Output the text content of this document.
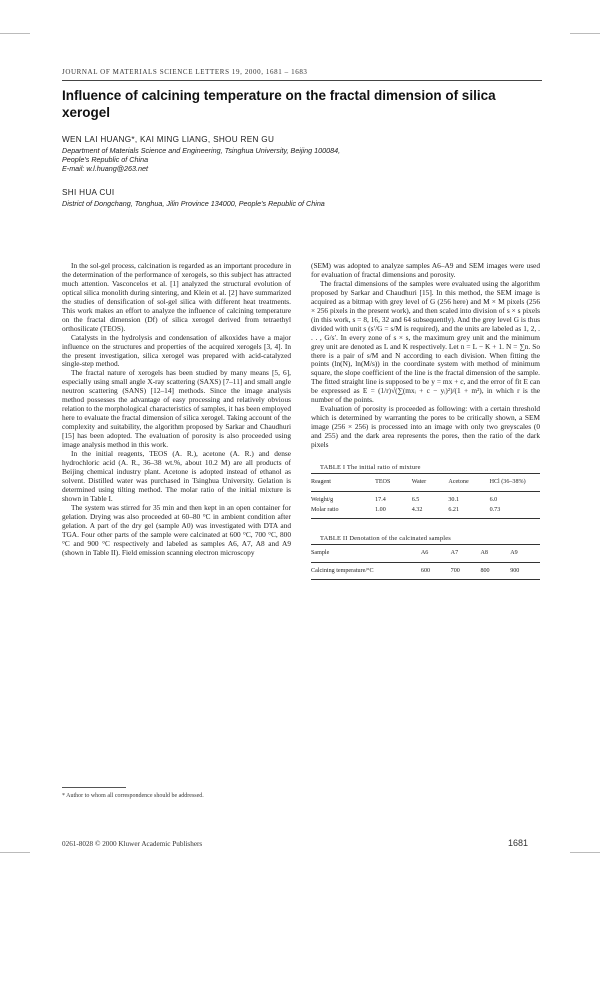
JOURNAL OF MATERIALS SCIENCE LETTERS 19, 2000, 1681 – 1683
Influence of calcining temperature on the fractal dimension of silica xerogel
WEN LAI HUANG*, KAI MING LIANG, SHOU REN GU
Department of Materials Science and Engineering, Tsinghua University, Beijing 100084,
People's Republic of China
E-mail: w.l.huang@263.net
SHI HUA CUI
District of Dongchang, Tonghua, Jilin Province 134000, People's Republic of China

In the sol-gel process, calcination is regarded as an important procedure in the determination of the performance of xerogels, so this subject has attracted much attention. Vasconcelos et al. [1] analyzed the structural evolution of optical silica monolith during sintering, and Klein et al. [2] have summarized the studies of densification of sol-gel silica with different heat treatments. This work makes an effort to analyze the influence of calcining temperature on the fractal dimension (Df) of silica xerogel derived from tetraethyl orthosilicate (TEOS).

Catalysts in the hydrolysis and condensation of alkoxides have a major influence on the structures and properties of the acquired xerogels [3, 4]. In the present investigation, silica xerogel was prepared with acid-catalyzed single-step method.

The fractal nature of xerogels has been studied by many means [5, 6], especially using small angle X-ray scattering (SAXS) [7–11] and small angle neutron scattering (SANS) [12–14] methods. Since the image analysis method possesses the advantage of easy processing and relatively obvious relation to the morphological characteristics of samples, it has been employed here to evaluate the fractal dimension of silica xerogel. Taking account of the complexity and suitability, the algorithm proposed by Sarkar and Chaudhuri [15] has been adopted. The evaluation of porosity is also proceeded using image analysis method in this work.

In the initial reagents, TEOS (A. R.), acetone (A. R.) and dense hydrochloric acid (A. R., 36–38 wt.%, about 10.2 M) are all products of Beijing chemical industry plant. Acetone is adopted instead of ethanol as solvent. Distilled water was purchased in Tsinghua University. Gelation is determined using tilting method. The molar ratio of the initial mixture is shown in Table I.

The system was stirred for 35 min and then kept in an open container for gelation. Drying was also proceeded at 60–80 °C in ambient condition after gelation. A part of the dry gel (sample A0) was investigated with DTA and TGA. Four other parts of the sample were calcinated at 600 °C, 700 °C, 800 °C and 900 °C respectively and labeled as samples A6, A7, A8 and A9 (shown in Table II). Field emission scanning electron microscopy

(SEM) was adopted to analyze samples A6–A9 and SEM images were used for evaluation of fractal dimensions and porosity.

The fractal dimensions of the samples were evaluated using the algorithm proposed by Sarkar and Chaudhuri [15]. In this method, the SEM image is acquired as a bitmap with grey level of G (256 here) and M × M pixels (256 × 256 pixels in the present work), and then scaled into division of s × s pixels (in this work, s = 8, 16, 32 and 64 subsequently). And the grey level G is thus divided with unit s (s′/G = s/M is required), and the units are labeled as 1, 2, . . . , G/s′. In every zone of s × s, the maximum grey unit and the minimum grey unit are denoted as L and K respectively. Let n = L − K + 1. N = ∑n. So there is a pair of s/M and N according to each division. When fitting the points (ln(N), ln(M/s)) in the coordinate system with method of minimum square, the slope coefficient of the line is the fractal dimension of the sample. The fitted straight line is supposed to be y = mx + c, and the error of fit E can be expressed as E = (1/r)√(∑(mxᵢ + c − yᵢ)²)/(1 + m²), in which r is the number of the points.

Evaluation of porosity is proceeded as following: with a certain threshold which is determined by warranting the pores to be critically shown, a SEM image (256 × 256) is processed into an image with only two greyscales (0 and 255) and the dark area represents the pores, then the ratio of the dark pixels

TABLE I The initial ratio of mixture

Reagent	TEOS	Water	Acetone	HCl (36–38%)
Weight/g	17.4	6.5	30.1	6.0
Molar ratio	1.00	4.32	6.21	0.73

TABLE II Denotation of the calcinated samples

Sample	A6	A7	A8	A9
Calcining temperature/°C	600	700	800	900
* Author to whom all correspondence should be addressed.
0261-8028 © 2000 Kluwer Academic Publishers	1681
